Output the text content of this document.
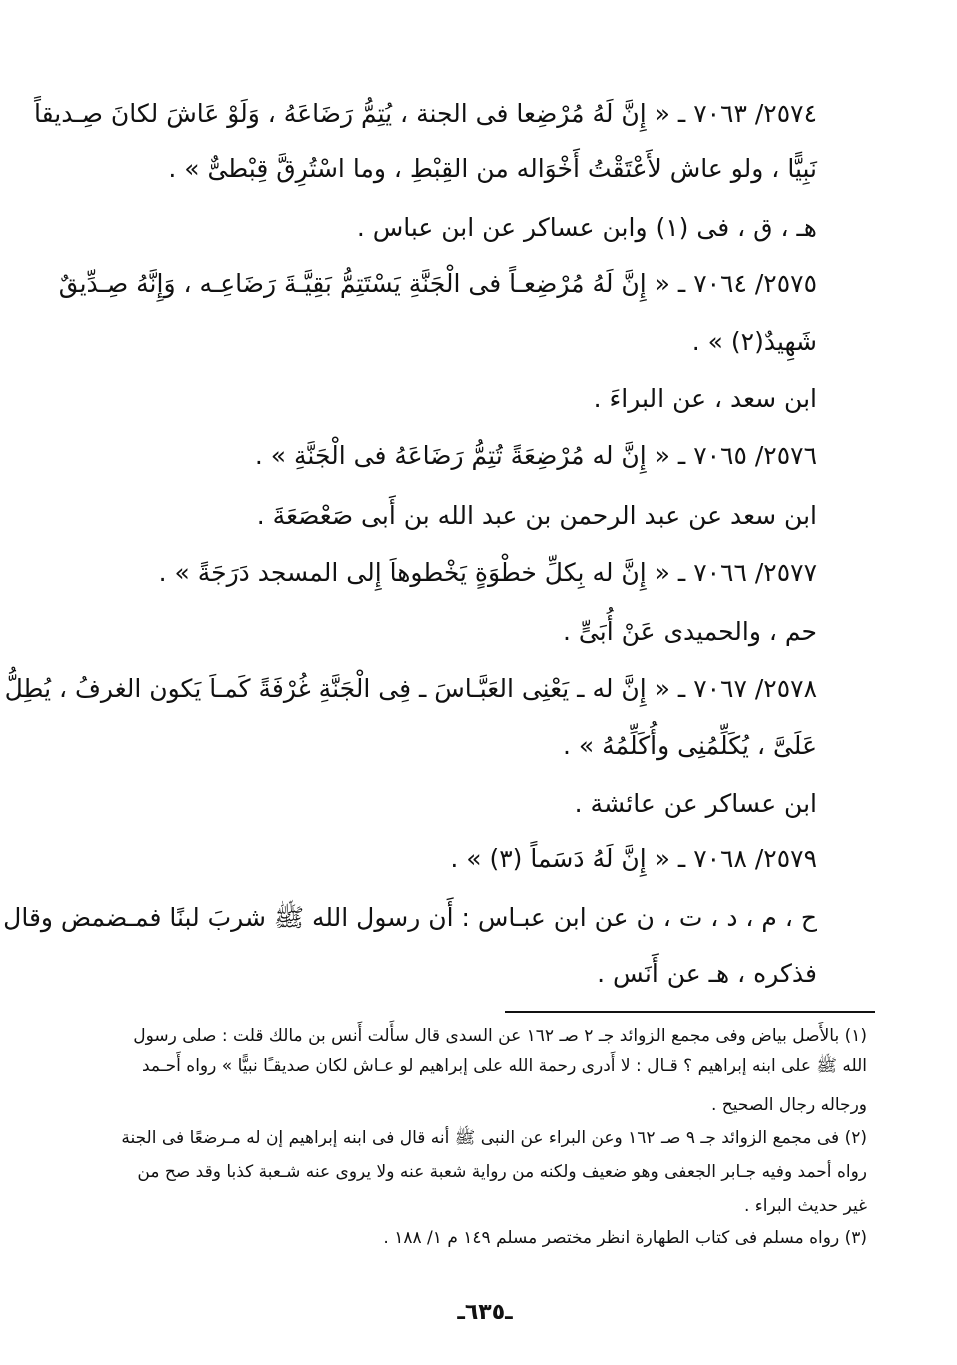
٢٥٧٤/ ٧٠٦٣ ـ « إِنَّ لَهُ مُرْضِعا فى الجنة ، يُتِمُّ رَضَاعَهُ ، وَلَوْ عَاشَ لكانَ صِـديقاً
نَبِيًّا ، ولو عاش لأَعْتَقْتُ أَخْوَاله من القِبْطِ ، وما اسْتُرِقَّ قِبْطىٌّ » .
هـ ، ق ، فى (١) وابن عساكر عن ابن عباس .
٢٥٧٥/ ٧٠٦٤ ـ « إِنَّ لَهُ مُرْضِعـاً فى الْجَنَّةِ يَسْتَتِمُّ بَقِيَّـةَ رَضَاعِـه ، وَإِنَّهُ صِـدِّيقٌ
شَهِيدٌ(٢) » .
ابن سعد ، عن البراءَ .
٢٥٧٦/ ٧٠٦٥ ـ « إِنَّ له مُرْضِعَةً تُتِمُّ رَضَاعَهُ فى الْجَنَّةِ » .
ابن سعد عن عبد الرحمن بن عبد الله بن أَبى صَعْصَعَةَ .
٢٥٧٧/ ٧٠٦٦ ـ « إِنَّ له بِكلِّ خطْوَةٍ يَخْطوهاَ إِلى المسجد دَرَجَةً » .
حم ، والحميدى عَنْ أُبَىٍّ .
٢٥٧٨/ ٧٠٦٧ ـ « إِنَّ له ـ يَعْنِى العَبَّـاسَ ـ فِى الْجَنَّةِ غُرْفَةً كَمـاَ يَكون الغرفُ ، يُطِلُّ
عَلَىَّ ، يُكَلِّمُنِى وأُكَلِّمُهُ » .
ابن عساكر عن عائشة .
٢٥٧٩/ ٧٠٦٨ ـ « إِنَّ لَهُ دَسَماً (٣) » .
ح ، م ، د ، ت ، ن عن ابن عبـاس : أَن رسول الله ﷺ شربَ لبنًا فمـضمض وقال
فذكره ، هـ عن أَنَس .
(١) بالأَصل بياض وفى مجمع الزوائد جـ ٢ صـ ١٦٢ عن السدى قال سأَلت أَنس بن مالك قلت : صلى رسول
الله ﷺ على ابنه إبراهيم ؟ قـال : لا أَدرى رحمة الله على إبراهيم لو عـاش لكان صديقـًا نبيًّا » رواه أَحـمد
ورجاله رجال الصحيح .
(٢) فى مجمع الزوائد جـ ٩ صـ ١٦٢ وعن البراء عن النبى ﷺ أنه قال فى ابنه إبراهيم إن له مـرضعًا فى الجنة
رواه أحمد وفيه جـابر الجعفى وهو ضعيف ولكنه من رواية شعبة عنه ولا يروى عنه شـعبة كذبا وقد صح من
غير حديث البراء .
(٣) رواه مسلم فى كتاب الطهارة انظر مختصر مسلم ١٤٩ م ١/ ١٨٨ .
ـ٦٣٥ـ
